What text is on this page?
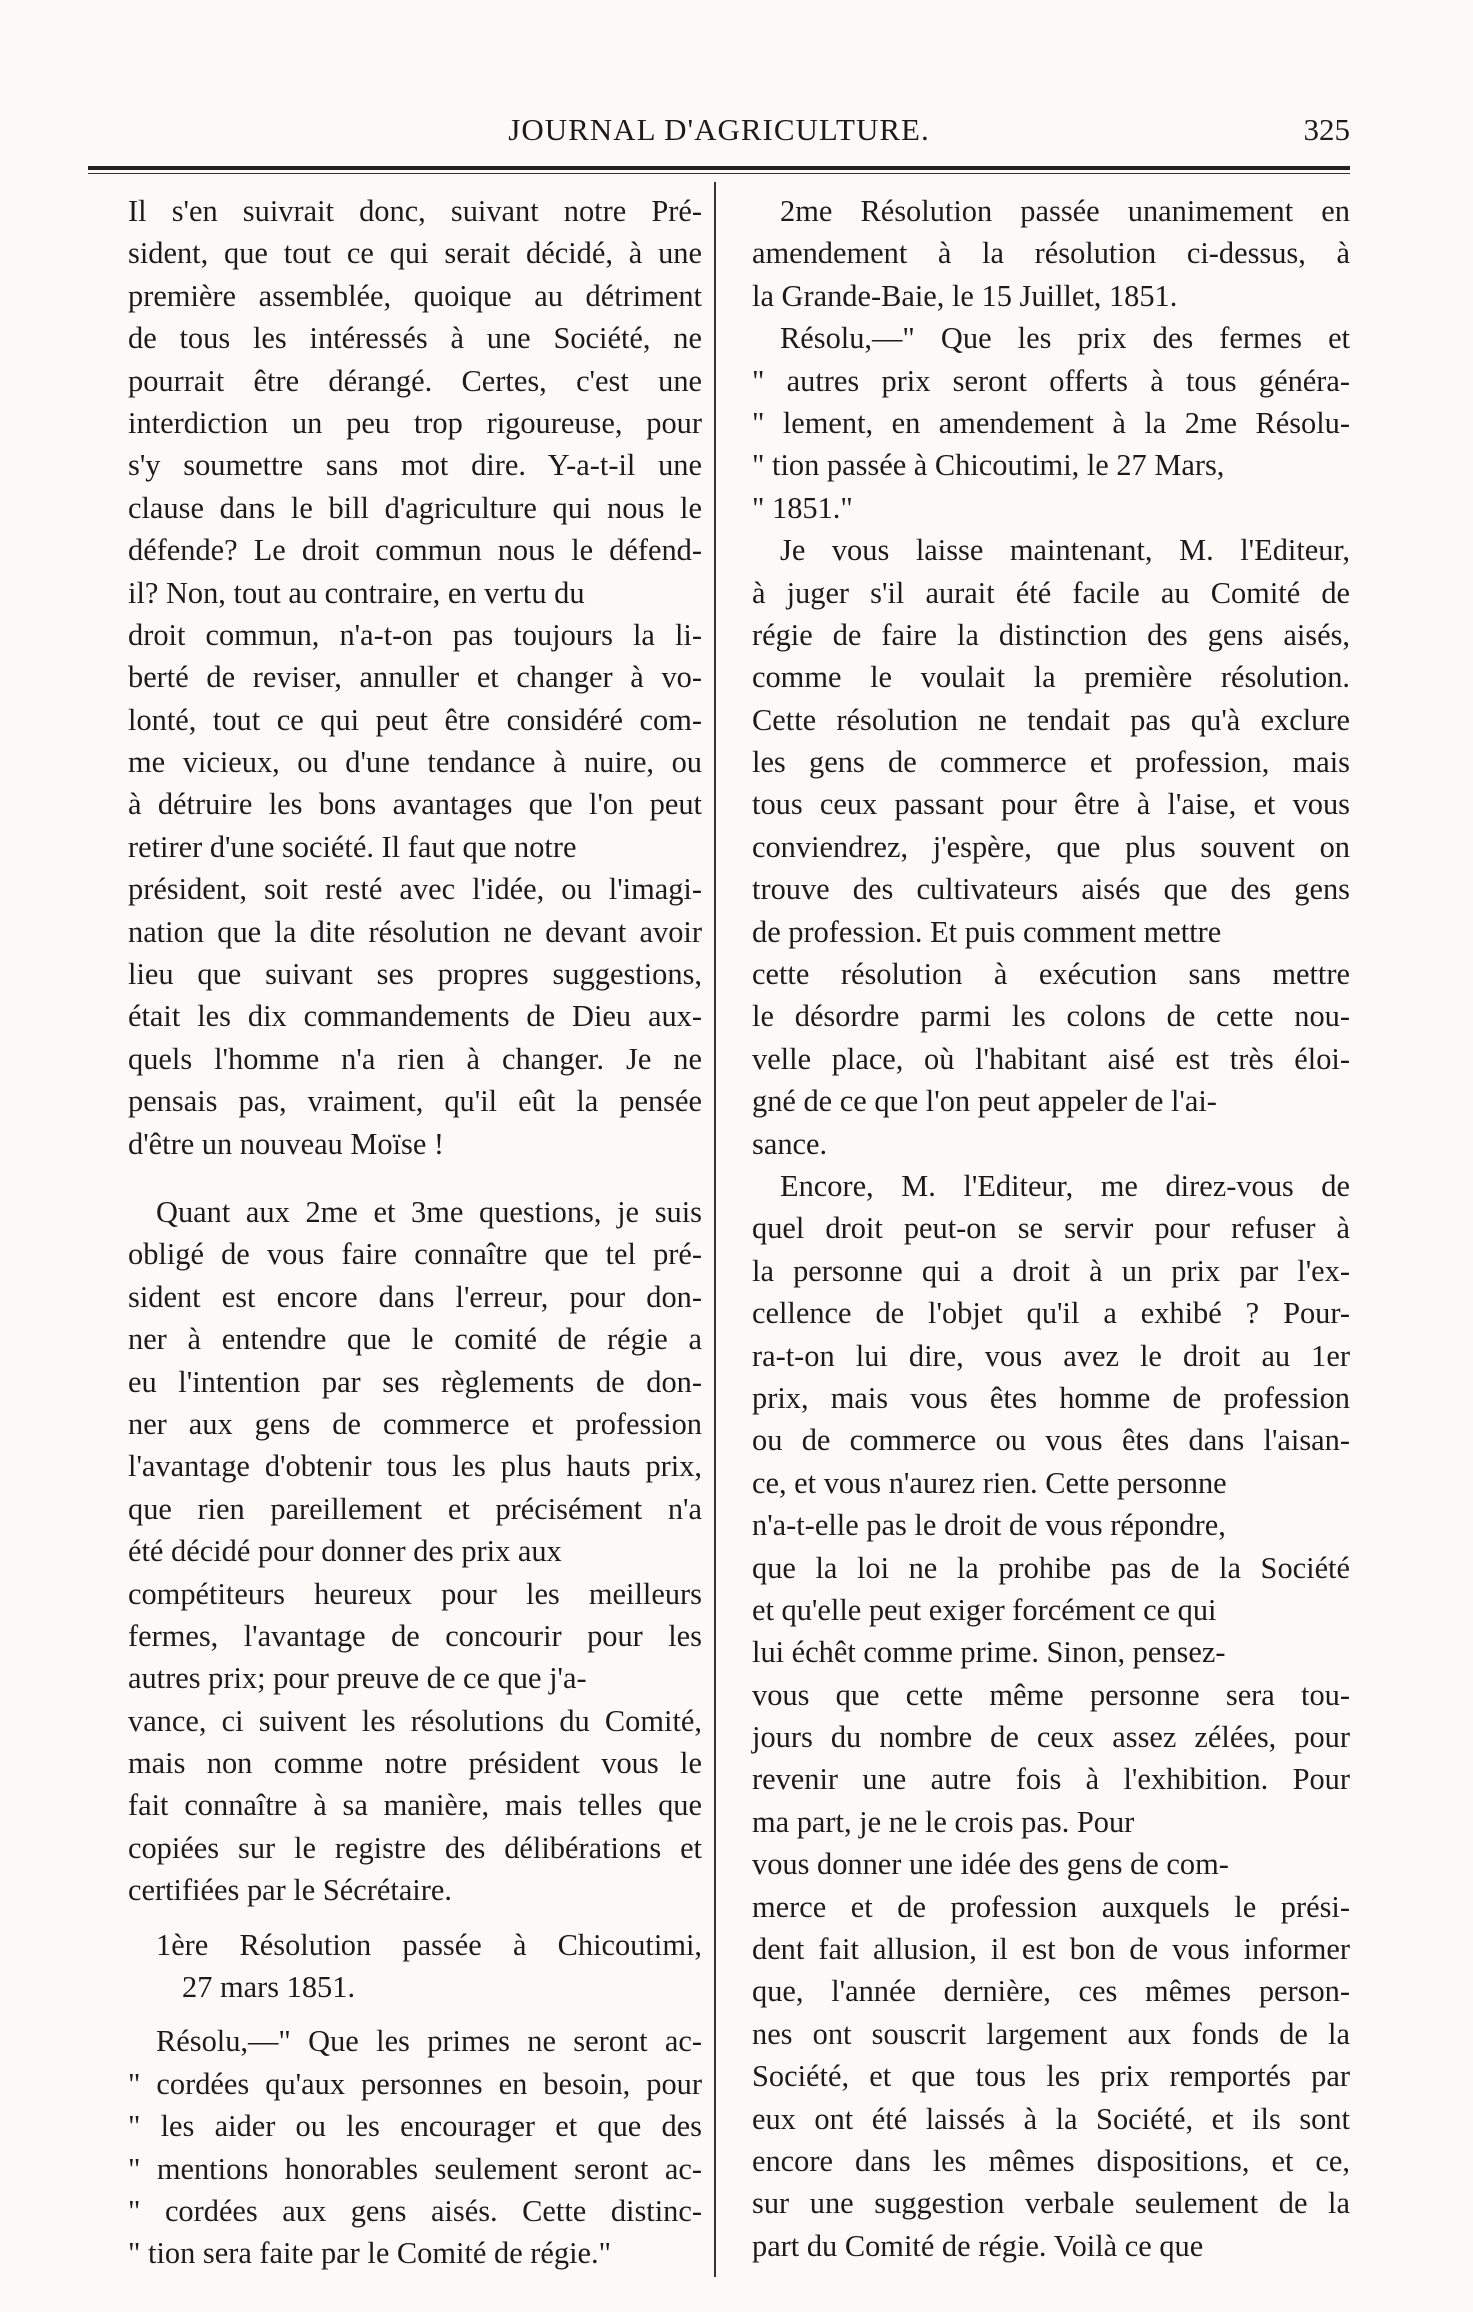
JOURNAL D'AGRICULTURE.	325
Il s'en suivrait donc, suivant notre Pré-
sident, que tout ce qui serait décidé, à une
première assemblée, quoique au détriment
de tous les intéressés à une Société, ne
pourrait être dérangé. Certes, c'est une
interdiction un peu trop rigoureuse, pour
s'y soumettre sans mot dire. Y-a-t-il une
clause dans le bill d'agriculture qui nous le
défende? Le droit commun nous le défend-
il? Non, tout au contraire, en vertu du
droit commun, n'a-t-on pas toujours la li-
berté de reviser, annuller et changer à vo-
lonté, tout ce qui peut être considéré com-
me vicieux, ou d'une tendance à nuire, ou
à détruire les bons avantages que l'on peut
retirer d'une société. Il faut que notre
président, soit resté avec l'idée, ou l'imagi-
nation que la dite résolution ne devant avoir
lieu que suivant ses propres suggestions,
était les dix commandements de Dieu aux-
quels l'homme n'a rien à changer. Je ne
pensais pas, vraiment, qu'il eût la pensée
d'être un nouveau Moïse !
Quant aux 2me et 3me questions, je suis
obligé de vous faire connaître que tel pré-
sident est encore dans l'erreur, pour don-
ner à entendre que le comité de régie a
eu l'intention par ses règlements de don-
ner aux gens de commerce et profession
l'avantage d'obtenir tous les plus hauts prix,
que rien pareillement et précisément n'a
été décidé pour donner des prix aux
compétiteurs heureux pour les meilleurs
fermes, l'avantage de concourir pour les
autres prix; pour preuve de ce que j'a-
vance, ci suivent les résolutions du Comité,
mais non comme notre président vous le
fait connaître à sa manière, mais telles que
copiées sur le registre des délibérations et
certifiées par le Sécrétaire.
1ère Résolution passée à Chicoutimi,
27 mars 1851.
Résolu,—" Que les primes ne seront ac-
" cordées qu'aux personnes en besoin, pour
" les aider ou les encourager et que des
" mentions honorables seulement seront ac-
" cordées aux gens aisés. Cette distinc-
" tion sera faite par le Comité de régie."
2me Résolution passée unanimement en
amendement à la résolution ci-dessus, à
la Grande-Baie, le 15 Juillet, 1851.
Résolu,—" Que les prix des fermes et
" autres prix seront offerts à tous généra-
" lement, en amendement à la 2me Résolu-
" tion passée à Chicoutimi, le 27 Mars,
" 1851."
Je vous laisse maintenant, M. l'Editeur,
à juger s'il aurait été facile au Comité de
régie de faire la distinction des gens aisés,
comme le voulait la première résolution.
Cette résolution ne tendait pas qu'à exclure
les gens de commerce et profession, mais
tous ceux passant pour être à l'aise, et vous
conviendrez, j'espère, que plus souvent on
trouve des cultivateurs aisés que des gens
de profession. Et puis comment mettre
cette résolution à exécution sans mettre
le désordre parmi les colons de cette nou-
velle place, où l'habitant aisé est très éloi-
gné de ce que l'on peut appeler de l'ai-
sance.
Encore, M. l'Editeur, me direz-vous de
quel droit peut-on se servir pour refuser à
la personne qui a droit à un prix par l'ex-
cellence de l'objet qu'il a exhibé ? Pour-
ra-t-on lui dire, vous avez le droit au 1er
prix, mais vous êtes homme de profession
ou de commerce ou vous êtes dans l'aisan-
ce, et vous n'aurez rien. Cette personne
n'a-t-elle pas le droit de vous répondre,
que la loi ne la prohibe pas de la Société
et qu'elle peut exiger forcément ce qui
lui échêt comme prime. Sinon, pensez-
vous que cette même personne sera tou-
jours du nombre de ceux assez zélées, pour
revenir une autre fois à l'exhibition. Pour
ma part, je ne le crois pas. Pour
vous donner une idée des gens de com-
merce et de profession auxquels le prési-
dent fait allusion, il est bon de vous informer
que, l'année dernière, ces mêmes person-
nes ont souscrit largement aux fonds de la
Société, et que tous les prix remportés par
eux ont été laissés à la Société, et ils sont
encore dans les mêmes dispositions, et ce,
sur une suggestion verbale seulement de la
part du Comité de régie. Voilà ce que
